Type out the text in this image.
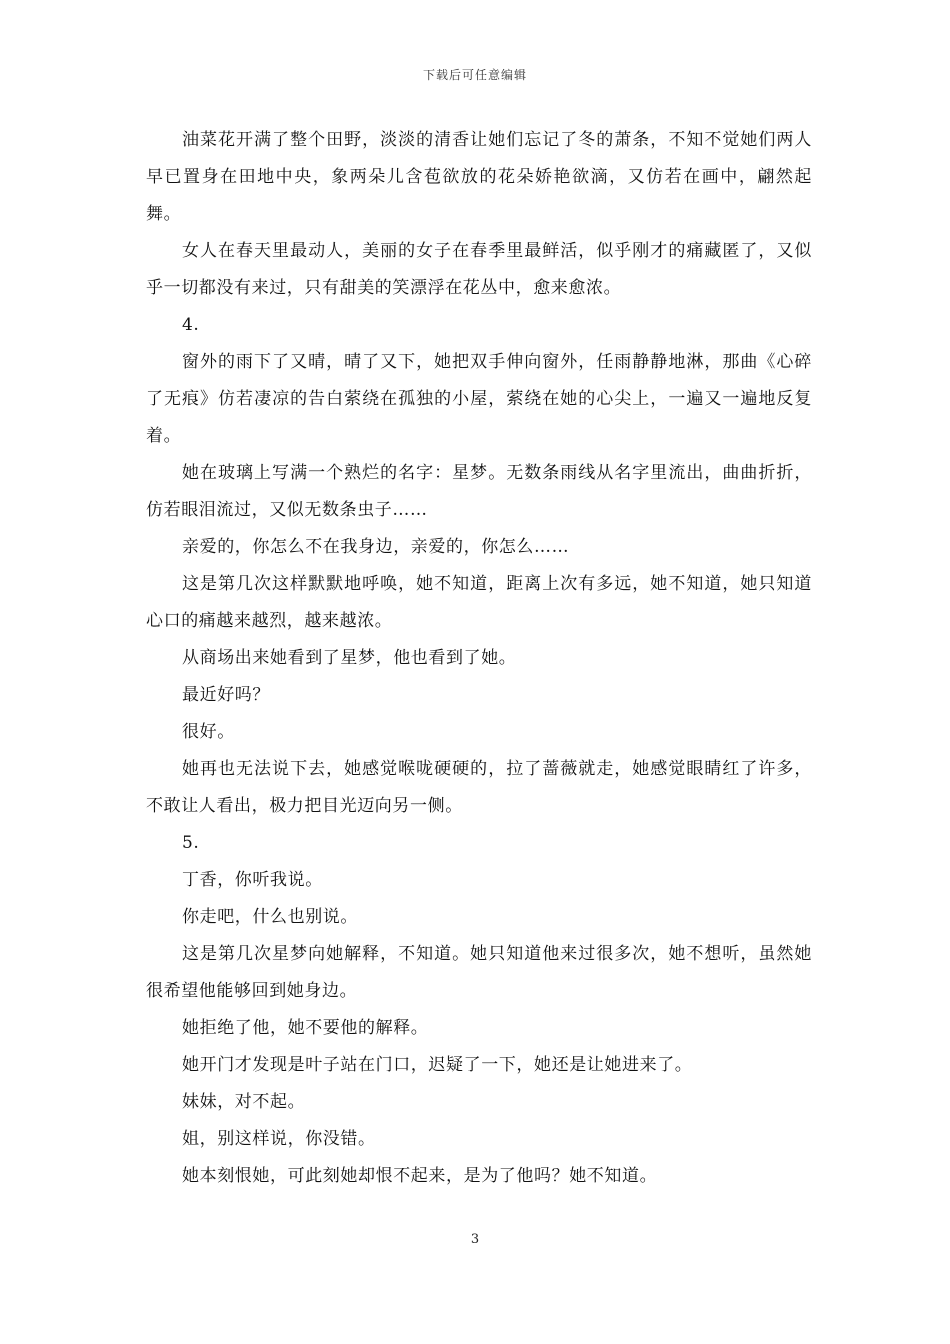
下载后可任意编辑

油菜花开满了整个田野，淡淡的清香让她们忘记了冬的萧条，不知不觉她们两人早已置身在田地中央，象两朵儿含苞欲放的花朵娇艳欲滴，又仿若在画中，翩然起舞。

女人在春天里最动人，美丽的女子在春季里最鲜活，似乎刚才的痛藏匿了，又似乎一切都没有来过，只有甜美的笑漂浮在花丛中，愈来愈浓。

4.

窗外的雨下了又晴，晴了又下，她把双手伸向窗外，任雨静静地淋，那曲《心碎了无痕》仿若凄凉的告白萦绕在孤独的小屋，萦绕在她的心尖上，一遍又一遍地反复着。

她在玻璃上写满一个熟烂的名字：星梦。无数条雨线从名字里流出，曲曲折折，仿若眼泪流过，又似无数条虫子……

亲爱的，你怎么不在我身边，亲爱的，你怎么……

这是第几次这样默默地呼唤，她不知道，距离上次有多远，她不知道，她只知道心口的痛越来越烈，越来越浓。

从商场出来她看到了星梦，他也看到了她。

最近好吗？

很好。

她再也无法说下去，她感觉喉咙硬硬的，拉了蔷薇就走，她感觉眼睛红了许多，不敢让人看出，极力把目光迈向另一侧。

5.

丁香，你听我说。

你走吧，什么也别说。

这是第几次星梦向她解释，不知道。她只知道他来过很多次，她不想听，虽然她很希望他能够回到她身边。

她拒绝了他，她不要他的解释。

她开门才发现是叶子站在门口，迟疑了一下，她还是让她进来了。

妹妹，对不起。

姐，别这样说，你没错。

她本刻恨她，可此刻她却恨不起来，是为了他吗？她不知道。

3
